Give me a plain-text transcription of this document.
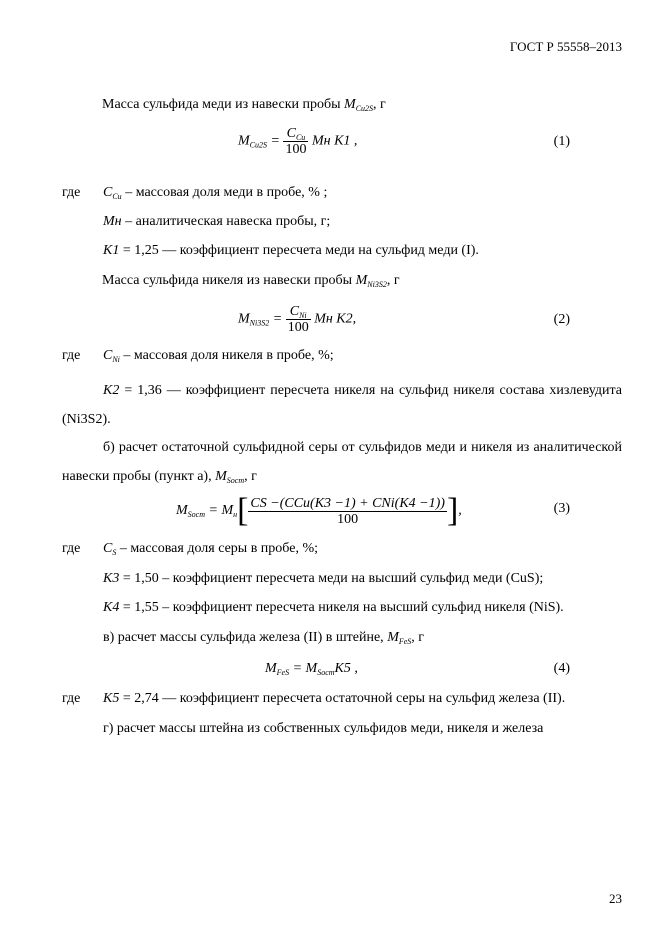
ГОСТ Р 55558–2013
Масса сульфида меди из навески пробы $M_{Cu2S}$, г
$M_{Cu2S} = \frac{C_{Cu}}{100}$ Mн K1 ,	(1)
где $C_{Cu}$ – массовая доля меди в пробе, % ;
Mн – аналитическая навеска пробы, г;
K1 = 1,25 — коэффициент пересчета меди на сульфид меди (I).
Масса сульфида никеля из навески пробы $M_{Ni3S2}$, г
$M_{Ni3S2} = \frac{C_{Ni}}{100}$ Mн K2,	(2)
где $C_{Ni}$ – массовая доля никеля в пробе, %;
K2 = 1,36 — коэффициент пересчета никеля на сульфид никеля состава хизлевудита (Ni3S2).
б) расчет остаточной сульфидной серы от сульфидов меди и никеля из аналитической навески пробы (пункт а), $M_{Sост}$, г
$M_{Sост} = M_н[ \frac{\text{CS −(CCu(K3 −1) + CNi(K4 −1))}}{100}$ ],	(3)
где $C_S$ – массовая доля серы в пробе, %;
K3 = 1,50 – коэффициент пересчета меди на высший сульфид меди (CuS);
K4 = 1,55 – коэффициент пересчета никеля на высший сульфид никеля (NiS).
в) расчет массы сульфида железа (II) в штейне, $M_{FeS}$, г
$M_{FeS} = M_{Sост}K5$ ,	(4)
где K5 = 2,74 — коэффициент пересчета остаточной серы на сульфид железа (II).
г) расчет массы штейна из собственных сульфидов меди, никеля и железа
23
